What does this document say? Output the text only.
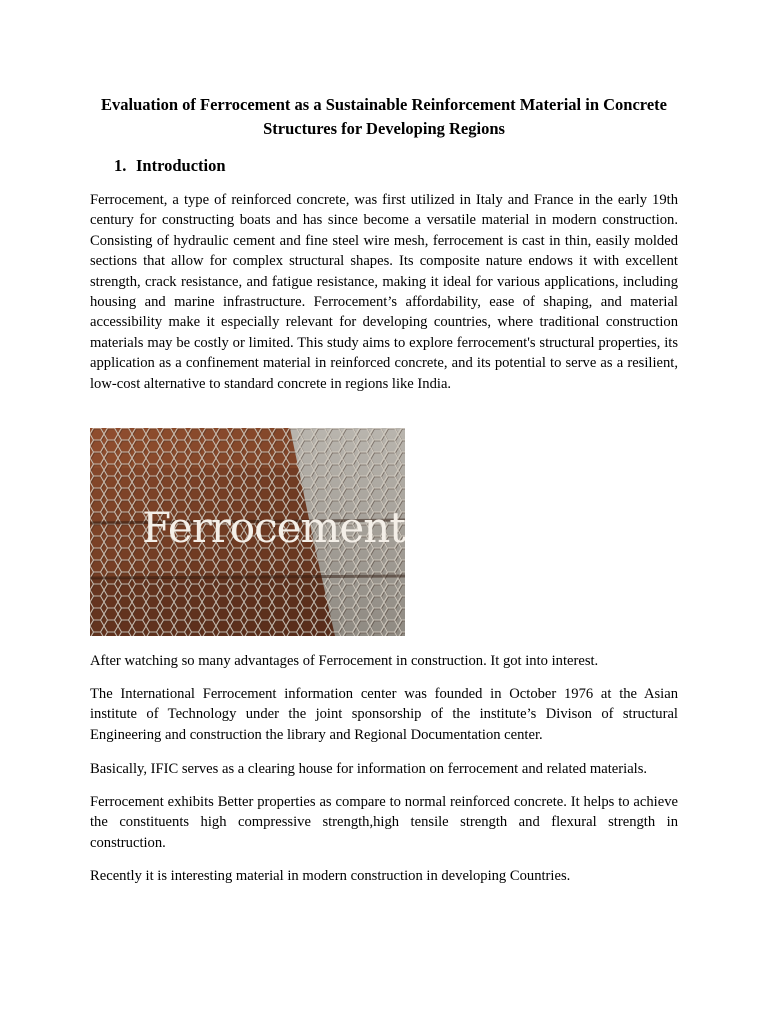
Evaluation of Ferrocement as a Sustainable Reinforcement Material in Concrete Structures for Developing Regions
1. Introduction

Ferrocement, a type of reinforced concrete, was first utilized in Italy and France in the early 19th century for constructing boats and has since become a versatile material in modern construction. Consisting of hydraulic cement and fine steel wire mesh, ferrocement is cast in thin, easily molded sections that allow for complex structural shapes. Its composite nature endows it with excellent strength, crack resistance, and fatigue resistance, making it ideal for various applications, including housing and marine infrastructure. Ferrocement’s affordability, ease of shaping, and material accessibility make it especially relevant for developing countries, where traditional construction materials may be costly or limited. This study aims to explore ferrocement's structural properties, its application as a confinement material in reinforced concrete, and its potential to serve as a resilient, low-cost alternative to standard concrete in regions like India.

Ferrocement

After watching so many advantages of Ferrocement in construction. It got into interest.

The International Ferrocement information center was founded in October 1976 at the Asian institute of Technology under the joint sponsorship of the institute’s Divison of structural Engineering and construction the library and Regional Documentation center.

Basically, IFIC serves as a clearing house for information on ferrocement and related materials.

Ferrocement exhibits Better properties as compare to normal reinforced concrete. It helps to achieve the constituents high compressive strength,high tensile strength and flexural strength in construction.

Recently it is interesting material in modern construction in developing Countries.
